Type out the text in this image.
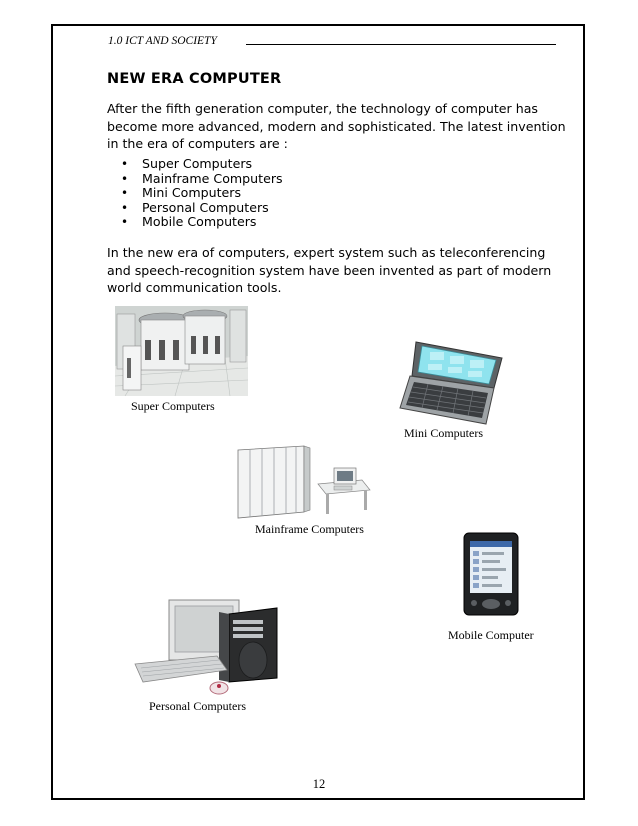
1.0 ICT AND SOCIETY
NEW ERA COMPUTER
After the fifth generation computer, the technology of computer has become more advanced, modern and sophisticated. The latest invention in the era of computers are :
• Super Computers
• Mainframe Computers
• Mini Computers
• Personal Computers
• Mobile Computers
In the new era of computers, expert system such as teleconferencing and speech-recognition system have been invented as part of modern world communication tools.
Super Computers
Mini Computers
Mainframe Computers
Mobile Computer
Personal Computers
12
